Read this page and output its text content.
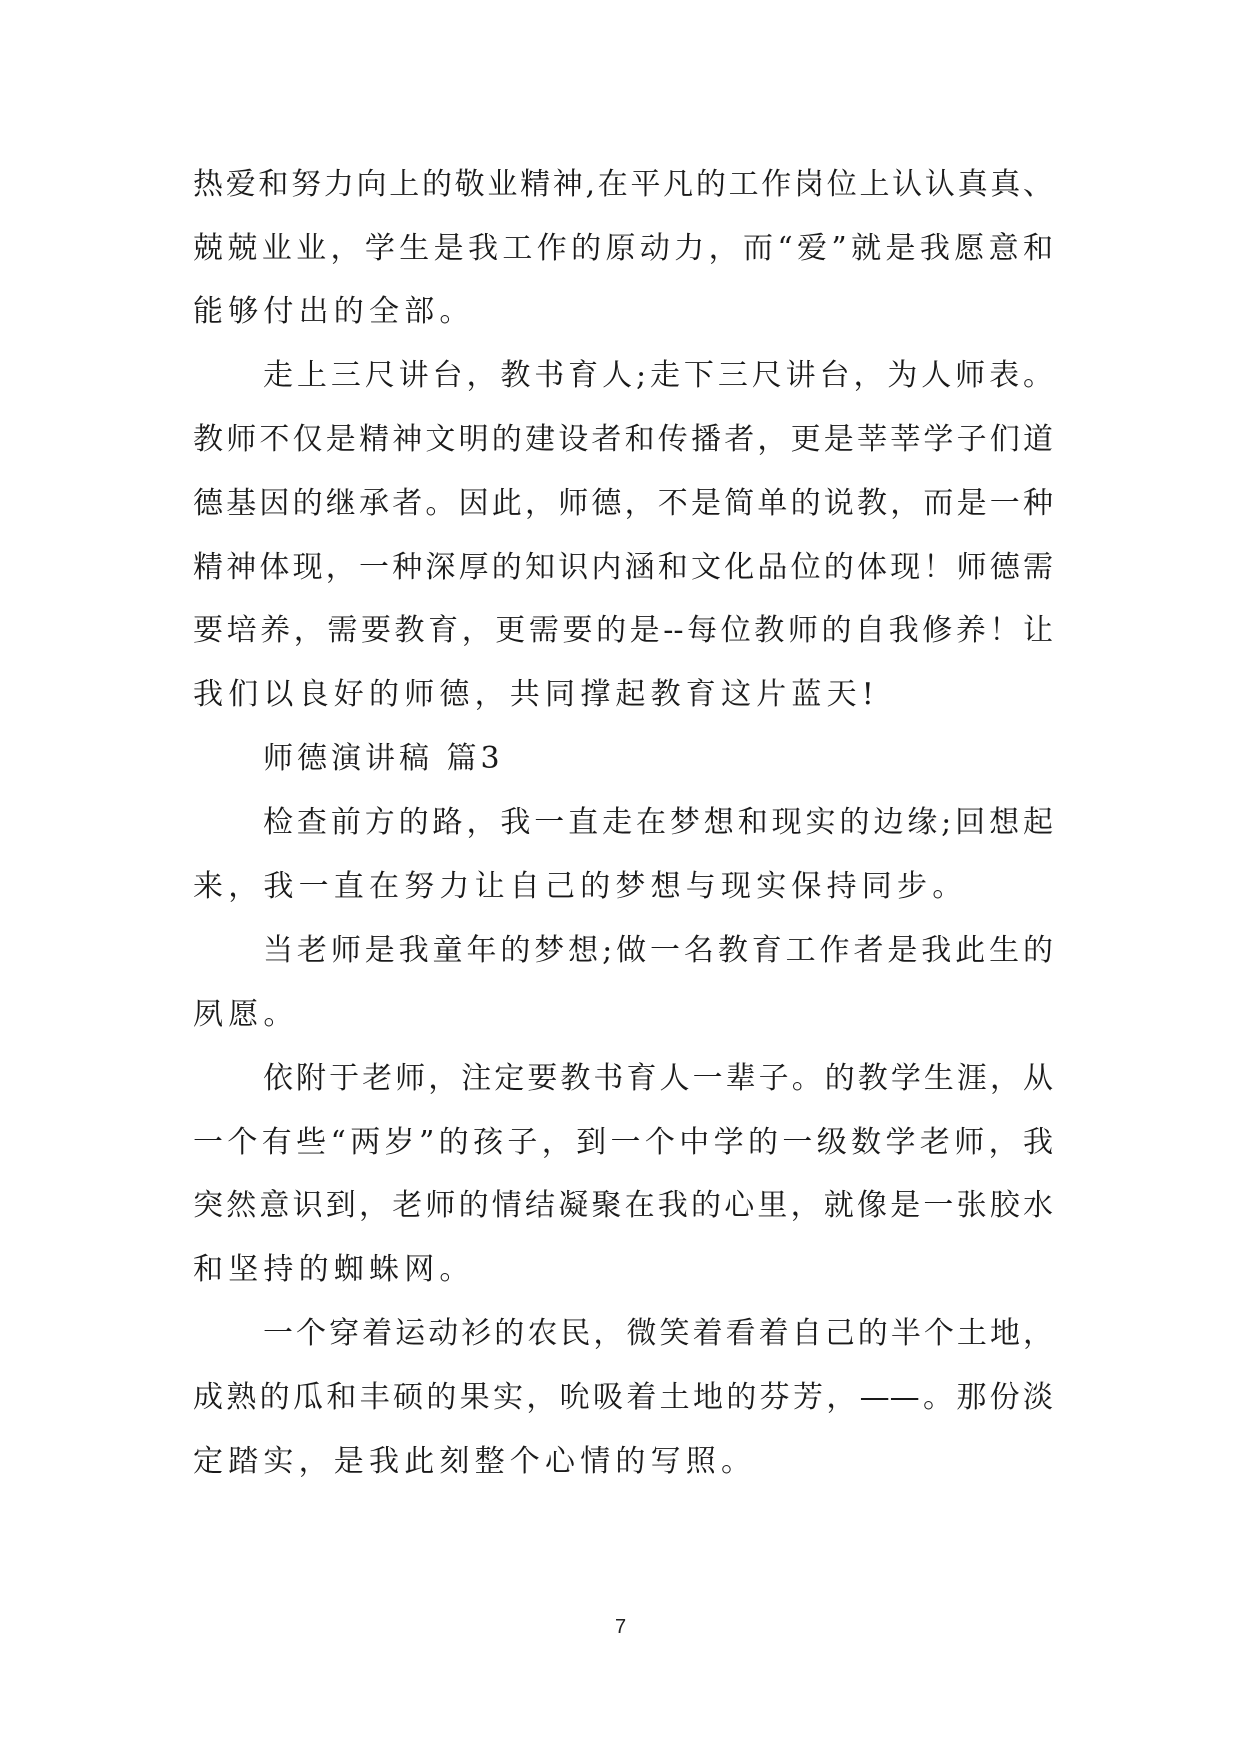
热爱和努力向上的敬业精神,在平凡的工作岗位上认认真真、

兢兢业业，学生是我工作的原动力，而“爱”就是我愿意和

能够付出的全部。

走上三尺讲台，教书育人;走下三尺讲台，为人师表。

教师不仅是精神文明的建设者和传播者，更是莘莘学子们道

德基因的继承者。因此，师德，不是简单的说教，而是一种

精神体现，一种深厚的知识内涵和文化品位的体现！师德需

要培养，需要教育，更需要的是--每位教师的自我修养！让

我们以良好的师德，共同撑起教育这片蓝天!

师德演讲稿 篇3

检查前方的路，我一直走在梦想和现实的边缘;回想起

来，我一直在努力让自己的梦想与现实保持同步。

当老师是我童年的梦想;做一名教育工作者是我此生的

夙愿。

依附于老师，注定要教书育人一辈子。的教学生涯，从

一个有些“两岁”的孩子，到一个中学的一级数学老师，我

突然意识到，老师的情结凝聚在我的心里，就像是一张胶水

和坚持的蜘蛛网。

一个穿着运动衫的农民，微笑着看着自己的半个土地，

成熟的瓜和丰硕的果实，吮吸着土地的芬芳，——。那份淡

定踏实，是我此刻整个心情的写照。

7
